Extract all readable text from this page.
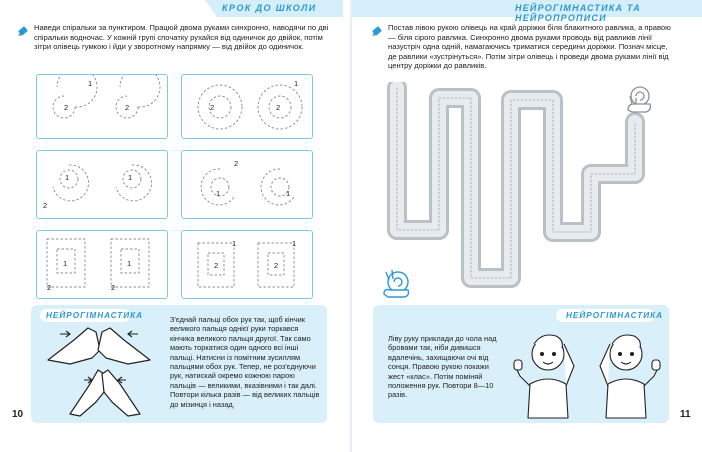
КРОК ДО ШКОЛИ	НЕЙРОГІМНАСТИКА ТА НЕЙРОПРОПИСИ
Наведи спіральки за пунктиром. Працюй двома руками синхронно, наводячи по дві спіральки водночас. У кожній групі спочатку рухайся від одиничок до двійок, потім зітри олівець гумкою і йди у зворотному напрямку — від двійок до одиничок.
1
2	2
1
2	2
1	1
2
2
1	1
1	1
2	2
1	1
2	2
НЕЙРОГІМНАСТИКА	З'єднай пальці обох рук так, щоб кінчик великого пальця однієї руки торкався кінчика великого пальця другої. Так само мають торкатися один одного всі інші пальці. Натисни із помітним зусиллям пальцями обох рук. Тепер, не роз'єднуючи рук, натискай окремо кожною парою пальців — великими, вказівними і так далі. Повтори кілька разів — від великих пальців до мізинця і назад.
10
Постав лівою рукою олівець на край доріжки біля блакитного равлика, а правою — біля сірого равлика. Синхронно двома руками проводь від равликів лінії назустріч одна одній, намагаючись триматися середини доріжки. Познач місце, де равлики «зустрінуться». Потім зітри олівець і проведи двома руками лінії від центру доріжки до равликів.
НЕЙРОГІМНАСТИКА
Ліву руку приклади до чола над бровами так, ніби дивишся вдалечінь, захищаючи очі від сонця. Правою рукою покажи жест «клас». Потім поміняй положення рук. Повтори 8—10 разів.
11
